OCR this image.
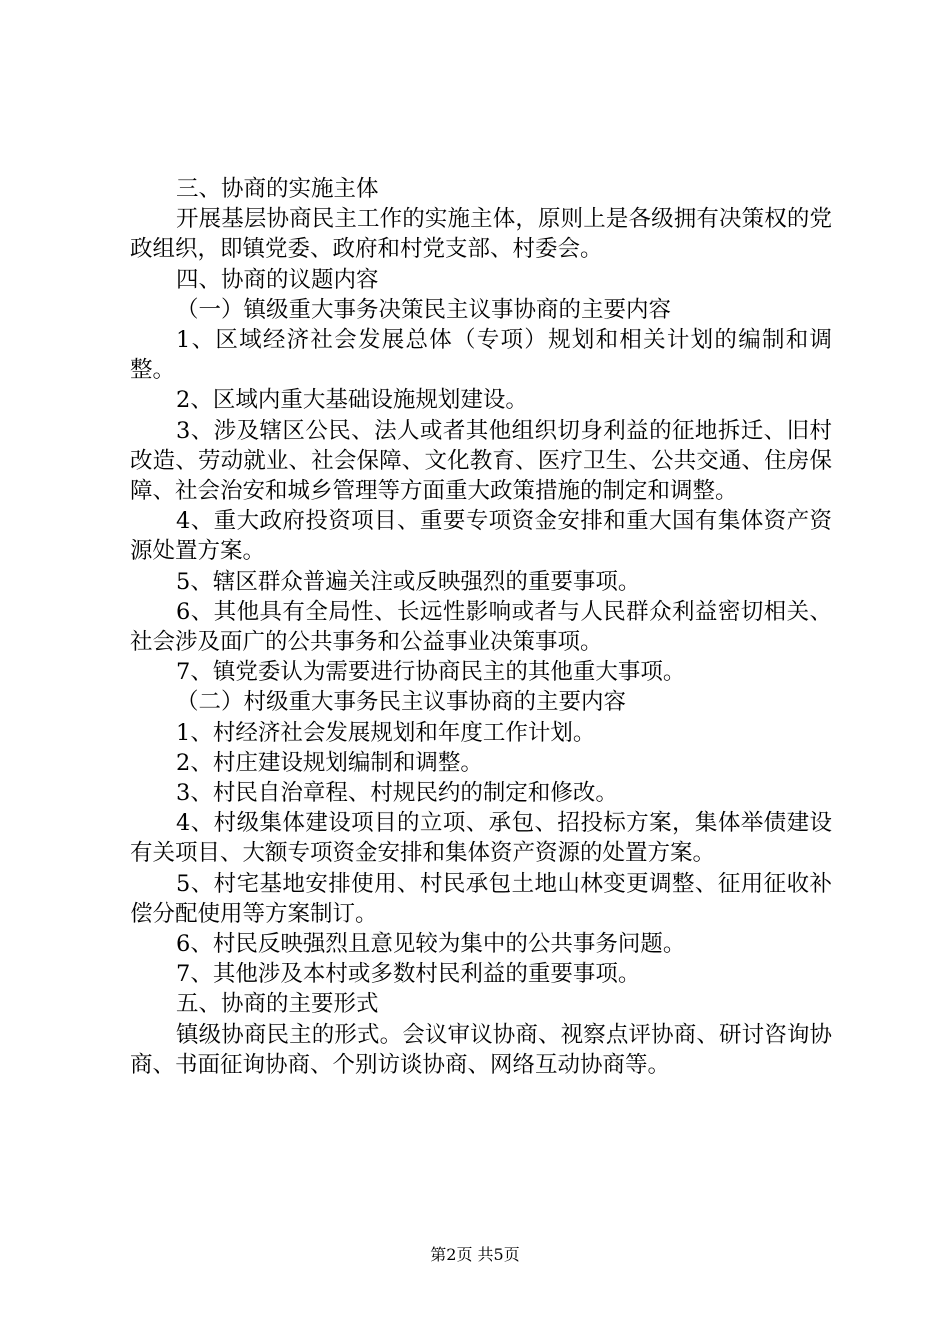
三、协商的实施主体

开展基层协商民主工作的实施主体，原则上是各级拥有决策权的党政组织，即镇党委、政府和村党支部、村委会。

四、协商的议题内容

（一）镇级重大事务决策民主议事协商的主要内容

1、区域经济社会发展总体（专项）规划和相关计划的编制和调整。

2、区域内重大基础设施规划建设。

3、涉及辖区公民、法人或者其他组织切身利益的征地拆迁、旧村改造、劳动就业、社会保障、文化教育、医疗卫生、公共交通、住房保障、社会治安和城乡管理等方面重大政策措施的制定和调整。

4、重大政府投资项目、重要专项资金安排和重大国有集体资产资源处置方案。

5、辖区群众普遍关注或反映强烈的重要事项。

6、其他具有全局性、长远性影响或者与人民群众利益密切相关、社会涉及面广的公共事务和公益事业决策事项。

7、镇党委认为需要进行协商民主的其他重大事项。

（二）村级重大事务民主议事协商的主要内容

1、村经济社会发展规划和年度工作计划。

2、村庄建设规划编制和调整。

3、村民自治章程、村规民约的制定和修改。

4、村级集体建设项目的立项、承包、招投标方案，集体举债建设有关项目、大额专项资金安排和集体资产资源的处置方案。

5、村宅基地安排使用、村民承包土地山林变更调整、征用征收补偿分配使用等方案制订。

6、村民反映强烈且意见较为集中的公共事务问题。

7、其他涉及本村或多数村民利益的重要事项。

五、协商的主要形式

镇级协商民主的形式。会议审议协商、视察点评协商、研讨咨询协商、书面征询协商、个别访谈协商、网络互动协商等。

第2页 共5页
